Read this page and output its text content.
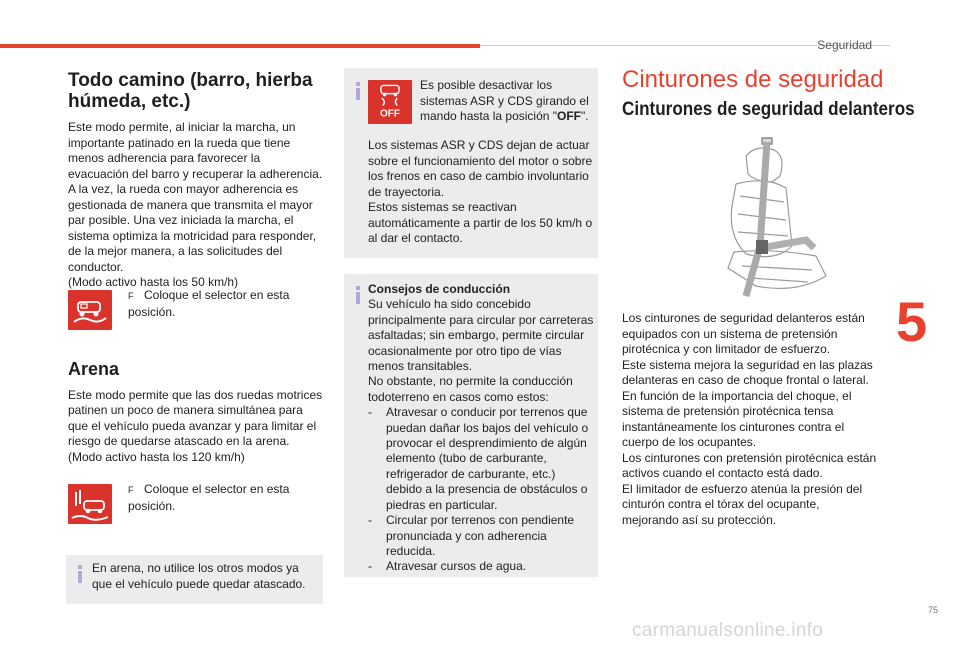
Seguridad
5
75
carmanualsonline.info

Todo camino (barro, hierba húmeda, etc.)

Este modo permite, al iniciar la marcha, un importante patinado en la rueda que tiene menos adherencia para favorecer la evacuación del barro y recuperar la adherencia. A la vez, la rueda con mayor adherencia es gestionada de manera que transmita el mayor par posible. Una vez iniciada la marcha, el sistema optimiza la motricidad para responder, de la mejor manera, a las solicitudes del conductor.

(Modo activo hasta los 50 km/h)

F Coloque el selector en esta posición.

Arena

Este modo permite que las dos ruedas motrices patinen un poco de manera simultánea para que el vehículo pueda avanzar y para limitar el riesgo de quedarse atascado en la arena.

(Modo activo hasta los 120 km/h)

F Coloque el selector en esta posición.
En arena, no utilice los otros modos ya que el vehículo puede quedar atascado.
OFF
Es posible desactivar los sistemas ASR y CDS girando el mando hasta la posición "OFF".

Los sistemas ASR y CDS dejan de actuar sobre el funcionamiento del motor o sobre los frenos en caso de cambio involuntario de trayectoria.

Estos sistemas se reactivan automáticamente a partir de los 50 km/h o al dar el contacto.

Consejos de conducción

Su vehículo ha sido concebido principalmente para circular por carreteras asfaltadas; sin embargo, permite circular ocasionalmente por otro tipo de vías menos transitables.

No obstante, no permite la conducción todoterreno en casos como estos:

- Atravesar o conducir por terrenos que puedan dañar los bajos del vehículo o provocar el desprendimiento de algún elemento (tubo de carburante, refrigerador de carburante, etc.) debido a la presencia de obstáculos o piedras en particular.
- Circular por terrenos con pendiente pronunciada y con adherencia reducida.
- Atravesar cursos de agua.
Cinturones de seguridad
Cinturones de seguridad delanteros

Los cinturones de seguridad delanteros están equipados con un sistema de pretensión pirotécnica y con limitador de esfuerzo.

Este sistema mejora la seguridad en las plazas delanteras en caso de choque frontal o lateral. En función de la importancia del choque, el sistema de pretensión pirotécnica tensa instantáneamente los cinturones contra el cuerpo de los ocupantes.

Los cinturones con pretensión pirotécnica están activos cuando el contacto está dado.

El limitador de esfuerzo atenúa la presión del cinturón contra el tórax del ocupante, mejorando así su protección.
